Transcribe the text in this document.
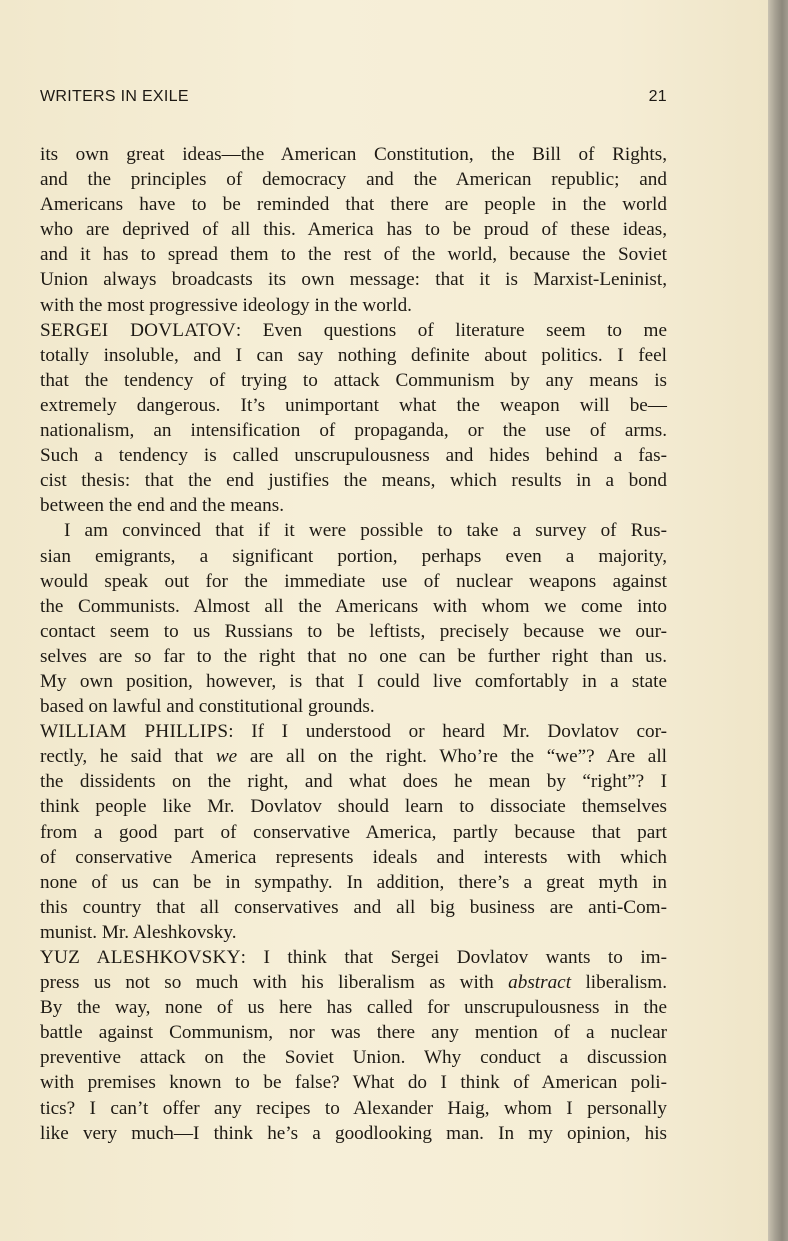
WRITERS IN EXILE	21
its own great ideas—the American Constitution, the Bill of Rights,
and the principles of democracy and the American republic; and
Americans have to be reminded that there are people in the world
who are deprived of all this. America has to be proud of these ideas,
and it has to spread them to the rest of the world, because the Soviet
Union always broadcasts its own message: that it is Marxist-Leninist,
with the most progressive ideology in the world.
SERGEI DOVLATOV: Even questions of literature seem to me
totally insoluble, and I can say nothing definite about politics. I feel
that the tendency of trying to attack Communism by any means is
extremely dangerous. It’s unimportant what the weapon will be—
nationalism, an intensification of propaganda, or the use of arms.
Such a tendency is called unscrupulousness and hides behind a fas-
cist thesis: that the end justifies the means, which results in a bond
between the end and the means.
I am convinced that if it were possible to take a survey of Rus-
sian emigrants, a significant portion, perhaps even a majority,
would speak out for the immediate use of nuclear weapons against
the Communists. Almost all the Americans with whom we come into
contact seem to us Russians to be leftists, precisely because we our-
selves are so far to the right that no one can be further right than us.
My own position, however, is that I could live comfortably in a state
based on lawful and constitutional grounds.
WILLIAM PHILLIPS: If I understood or heard Mr. Dovlatov cor-
rectly, he said that we are all on the right. Who’re the “we”? Are all
the dissidents on the right, and what does he mean by “right”? I
think people like Mr. Dovlatov should learn to dissociate themselves
from a good part of conservative America, partly because that part
of conservative America represents ideals and interests with which
none of us can be in sympathy. In addition, there’s a great myth in
this country that all conservatives and all big business are anti-Com-
munist. Mr. Aleshkovsky.
YUZ ALESHKOVSKY: I think that Sergei Dovlatov wants to im-
press us not so much with his liberalism as with abstract liberalism.
By the way, none of us here has called for unscrupulousness in the
battle against Communism, nor was there any mention of a nuclear
preventive attack on the Soviet Union. Why conduct a discussion
with premises known to be false? What do I think of American poli-
tics? I can’t offer any recipes to Alexander Haig, whom I personally
like very much—I think he’s a goodlooking man. In my opinion, his
